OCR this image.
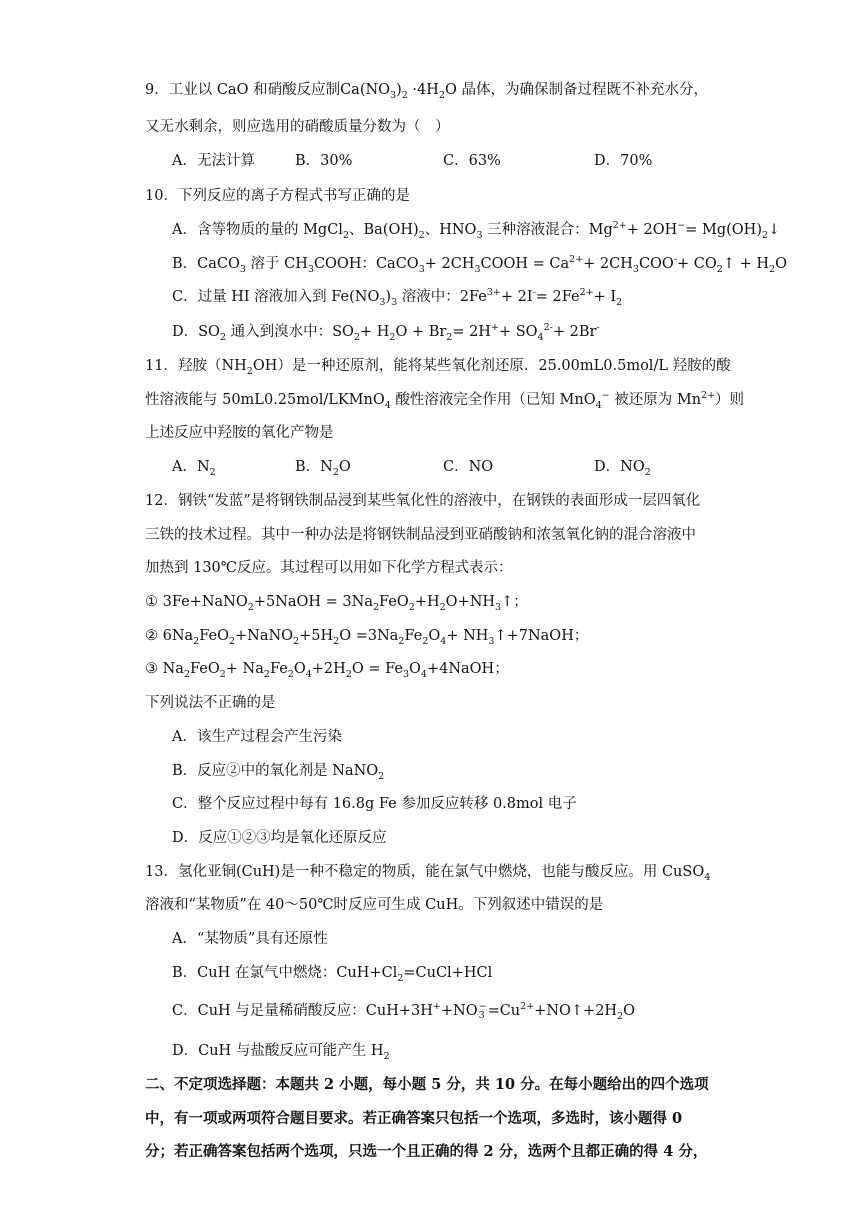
9．工业以 CaO 和硝酸反应制$Ca(NO_3)_2 \cdot 4H_2O$ 晶体，为确保制备过程既不补充水分，
又无水剩余，则应选用的硝酸质量分数为（　）
A．无法计算	B．30%	C．63%	D．70%
10．下列反应的离子方程式书写正确的是
A．含等物质的量的 MgCl$_2$、$Ba(OH)_2$、$HNO_3$ 三种溶液混合：$Mg^{2+}+ 2OH^-=$ $Mg(OH)_2↓$
B．CaCO$_3$ 溶于 $CH_3COOH$：CaCO$_3$+ $2CH_3COOH = Ca^{2+}+ 2CH_3COO^-+$ $CO_2↑ + H_2O$
C．过量 HI 溶液加入到 $Fe(NO_3)_3$ 溶液中：$2Fe^{3+}+ 2I^-= 2Fe^{2+}+ I_2$
D．$SO_2$ 通入到溴水中：$SO_2+ H_2O + Br_2= 2H^++ SO_4^{2-}+ 2Br^-$
11．羟胺$(NH_2OH)$是一种还原剂，能将某些氧化剂还原．25.00mL0.5mol/L 羟胺的酸
性溶液能与 50mL0.25mol/LKMnO$_4$ 酸性溶液完全作用（已知 MnO$_4$− 被还原为 $Mn^{2+}$）则
上述反应中羟胺的氧化产物是
A．$N_2$	B．$N_2O$	C．NO	D．$NO_2$
12．钢铁“发蓝”是将钢铁制品浸到某些氧化性的溶液中，在钢铁的表面形成一层四氧化
三铁的技术过程。其中一种办法是将钢铁制品浸到亚硝酸钠和浓氢氧化钠的混合溶液中
加热到 130℃反应。其过程可以用如下化学方程式表示：
① 3Fe+NaNO$_2$+5NaOH = $3Na_2FeO_2+H_2O+NH_3↑$；
② $6Na_2FeO_2+NaNO_2+5H_2O =3Na_2Fe_2O_4+$ $NH_3↑+7NaOH$；
③ $Na_2FeO_2+ Na_2Fe_2O_4+2H_2O$ = $Fe_3O_4+4NaOH$；
下列说法不正确的是
A．该生产过程会产生污染
B．反应②中的氧化剂是 NaNO$_2$
C．整个反应过程中每有 16.8g Fe 参加反应转移 0.8mol 电子
D．反应①②③均是氧化还原反应
13．氢化亚铜(CuH)是一种不稳定的物质，能在氯气中燃烧，也能与酸反应。用 CuSO$_4$
溶液和“某物质”在 40～50℃时反应可生成 CuH。下列叙述中错误的是
A．“某物质”具有还原性
B．CuH 在氯气中燃烧：$CuH+Cl_2=CuCl+HCl$
C．CuH 与足量稀硝酸反应：CuH+3H++NO−
$3 =Cu^{2+}+NO↑+2H_2O$
D．CuH 与盐酸反应可能产生 $H_2$
二、不定项选择题：本题共 2 小题，每小题 5 分，共 10 分。在每小题给出的四个选项
中，有一项或两项符合题目要求。若正确答案只包括一个选项，多选时，该小题得 0
分；若正确答案包括两个选项，只选一个且正确的得 2 分，选两个且都正确的得 4 分，
